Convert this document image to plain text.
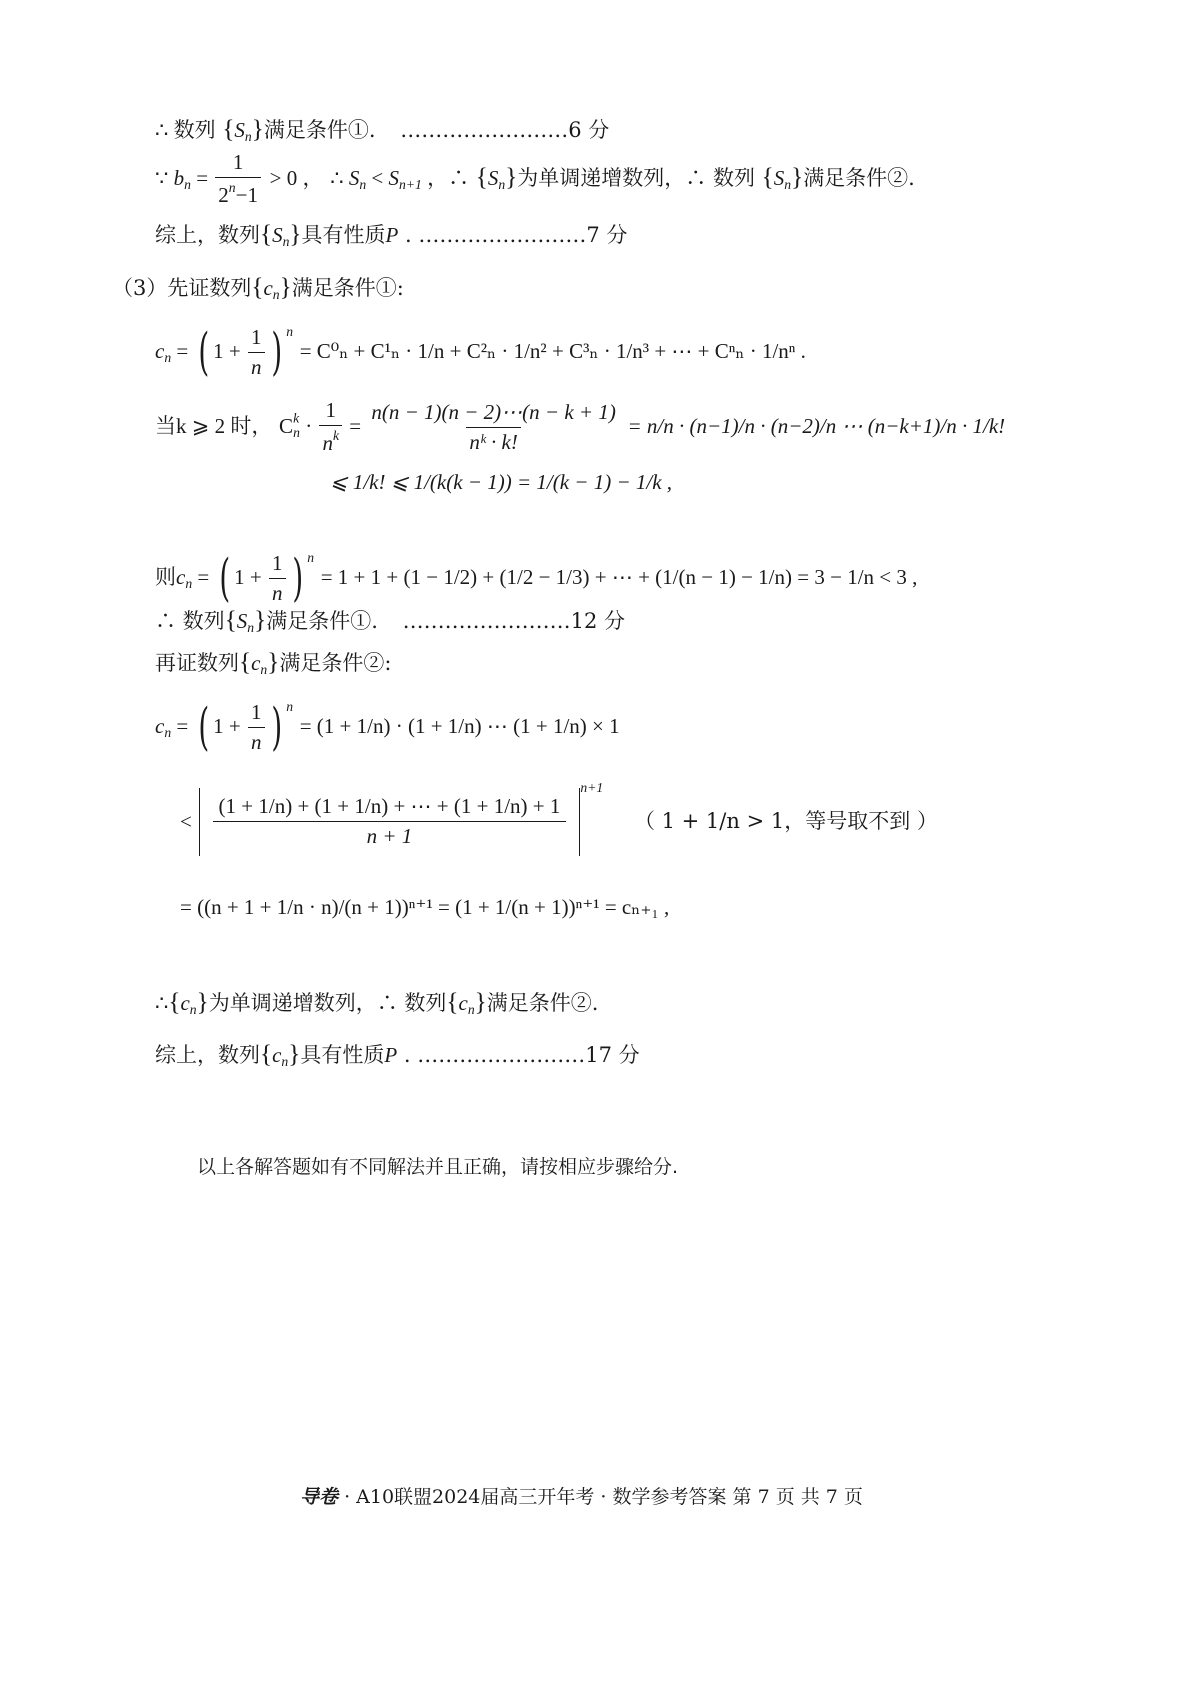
∴ 数列 $\{S_n\}$满足条件①. ……………………6 分
∵ $b_n = \frac{1}{2^n-1} > 0$ ， ∴ $S_n < S_{n+1}$ ，∴ $\{S_n\}$为单调递增数列，∴ 数列 $\{S_n\}$满足条件②.
综上，数列$\{S_n\}$具有性质P . ……………………7 分
（3）先证数列$\{c_n\}$满足条件①:
$c_n$ = ( $1 + \frac{1}{n}$ ) $^n$ = C⁰ₙ + C¹ₙ · 1/n + C²ₙ · 1/n² + C³ₙ · 1/n³ + ⋯ + Cⁿₙ · 1/nⁿ .
当k ⩾ 2 时， $C^k_n \cdot \frac{1}{n^k} = \frac{n(n - 1)(n - 2)\cdots(n - k + 1)}{\text{nᵏ · k!}} = n/n \cdot (n-1)/n \cdot (n-2)/n$ ⋯ (n−k+1)/n · 1/k!
⩽ 1/k! ⩽ 1/(k(k − 1)) = 1/(k − 1) − 1/k ,
则$c_n$ = ( $1 + \frac{1}{n}$ ) $^n$ = 1 + 1 + (1 − 1/2) + (1/2 − 1/3) + ⋯ + (1/(n − 1) − 1/n) = 3 − 1/n < 3 ,
∴ 数列$\{S_n\}$满足条件①. ……………………12 分
再证数列$\{c_n\}$满足条件②:
$c_n$ = ( $1 + \frac{1}{n}$ ) $^n$ = (1 + 1/n) · (1 + 1/n) ⋯ (1 + 1/n) × 1
< $\frac{(1 + 1/n) + (1 + 1/n) + \cdots + (1 + 1/n) + 1}{n + 1}$
$^{n+1}$ （ 1 + 1/n > 1，等号取不到 ）
= ((n + 1 + 1/n · n)/(n + 1))ⁿ⁺¹ = (1 + 1/(n + 1))ⁿ⁺¹ = cₙ₊₁ ,
$\therefore\{c_n\}$为单调递增数列，∴ 数列$\{c_n\}$满足条件②.
综上，数列$\{c_n\}$具有性质P . ……………………17 分
以上各解答题如有不同解法并且正确，请按相应步骤给分.
导卷 · A10联盟2024届高三开年考 · 数学参考答案 第 7 页 共 7 页
